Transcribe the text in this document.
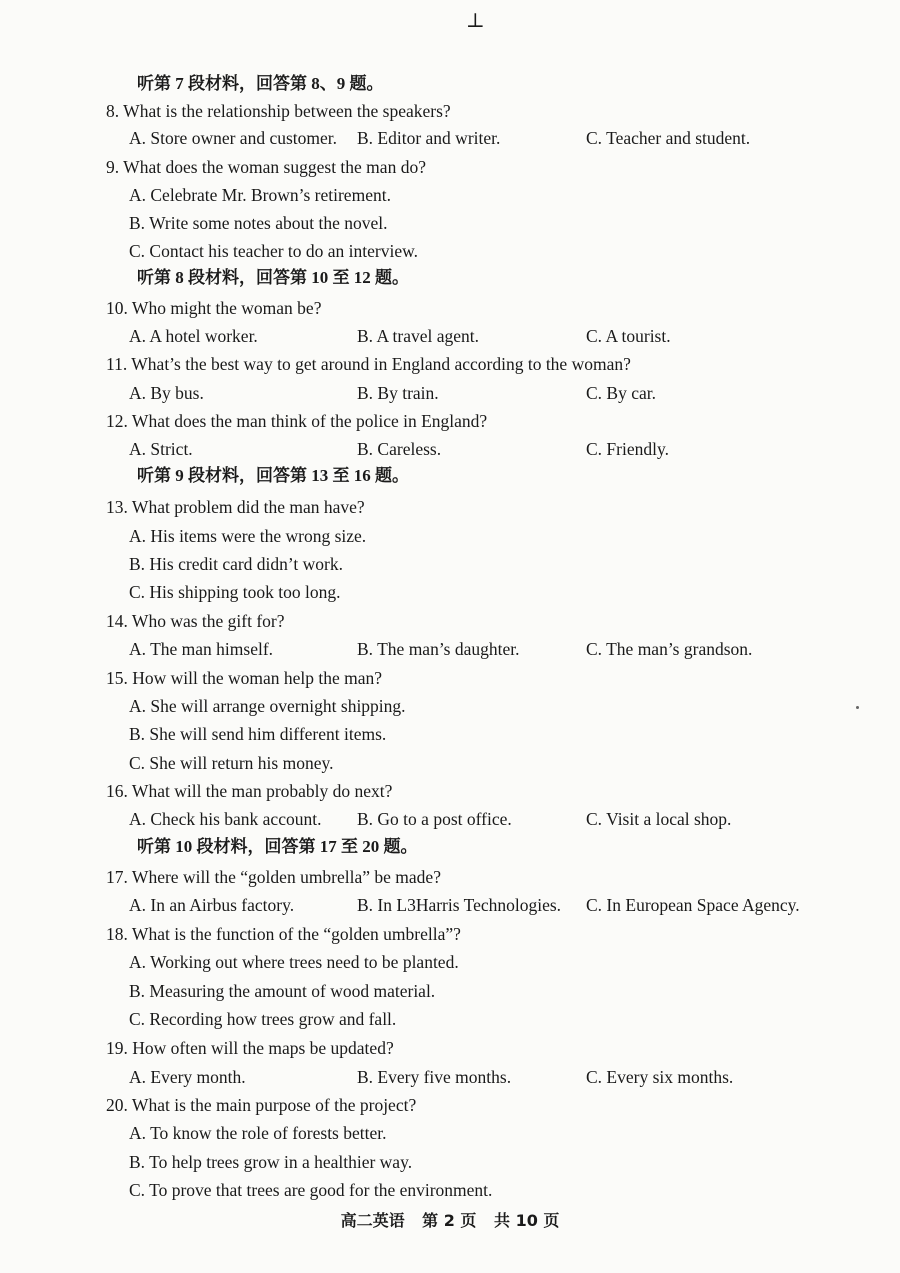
⊥
听第 7 段材料，回答第 8、9 题。
8. What is the relationship between the speakers?
A. Store owner and customer. B. Editor and writer.	C. Teacher and student.
9. What does the woman suggest the man do?
A. Celebrate Mr. Brown’s retirement.
B. Write some notes about the novel.
C. Contact his teacher to do an interview.
听第 8 段材料，回答第 10 至 12 题。
10. Who might the woman be?
A. A hotel worker.	B. A travel agent.	C. A tourist.
11. What’s the best way to get around in England according to the woman?
A. By bus.	B. By train.	C. By car.
12. What does the man think of the police in England?
A. Strict.	B. Careless.	C. Friendly.
听第 9 段材料，回答第 13 至 16 题。
13. What problem did the man have?
A. His items were the wrong size.
B. His credit card didn’t work.
C. His shipping took too long.
14. Who was the gift for?
A. The man himself.	B. The man’s daughter.	C. The man’s grandson.
15. How will the woman help the man?
A. She will arrange overnight shipping.
B. She will send him different items.
C. She will return his money.
16. What will the man probably do next?
A. Check his bank account. B. Go to a post office.	C. Visit a local shop.
听第 10 段材料，回答第 17 至 20 题。
17. Where will the “golden umbrella” be made?
A. In an Airbus factory.	B. In L3Harris Technologies. C. In European Space Agency.
18. What is the function of the “golden umbrella”?
A. Working out where trees need to be planted.
B. Measuring the amount of wood material.
C. Recording how trees grow and fall.
19. How often will the maps be updated?
A. Every month.	B. Every five months.	C. Every six months.
20. What is the main purpose of the project?
A. To know the role of forests better.
B. To help trees grow in a healthier way.
C. To prove that trees are good for the environment.
高二英语 第 2 页 共 10 页
